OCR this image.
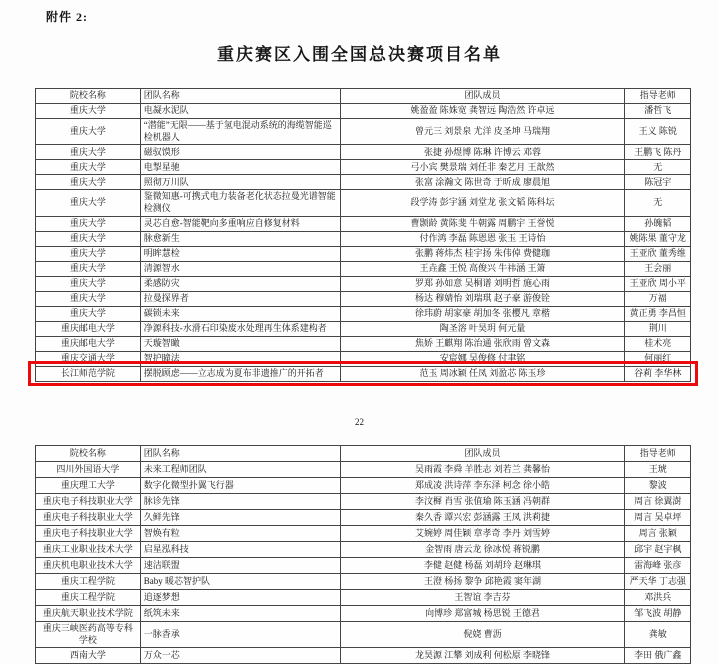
附件 2:
重庆赛区入围全国总决赛项目名单
院校名称	团队名称	团队成员	指导老师
重庆大学	电凝水泥队	姚盈盈 陈姝宽 龚智远 陶浩然 许卓远	潘哲飞
重庆大学	“潜能”无限——基于氢电混动系统的海缆智能巡检机器人	曾元三 刘景泉 尤洋 皮圣坤 马瑞翔	王义 陈锐
重庆大学	磁驭馍形	张捷 孙煜博 陈琳 许博云 邓蓉	王鹏飞 陈丹
重庆大学	电掣星驰	弓小宾 樊景瑞 刘任非 秦艺月 王歆然	无
重庆大学	照彻万川队	张富 涂瀚文 陈世奇 于昕成 廖晨旭	陈冠宇
重庆大学	鉴微知惠-可携式电力装备老化状态拉曼光谱智能检测仪	段学涛 彭宇涵 刘堂龙 张文韬 陈科坛	无
重庆大学	灵芯自愈-智能靶向多重响应自修复材料	曹颢龄 黄陈斐 牛朝露 周鹏宇 王誉悦	孙魄韬
重庆大学	脉愈新生	付作鸿 李磊 陈恩恩 张玉 王诗怡	姚陈果 董守龙
重庆大学	明眸慧检	张鹏 蒋炜杰 桂宇扬 朱伟倬 费健珈	王亚欣 董秀维
重庆大学	清源智水	王垚鑫 王悦 高俊兴 牛祎涵 王箫	王会丽
重庆大学	柔感防灾	罗郑 孙如意 吴桐谱 刘明哲 施心雨	王亚欣 周小平
重庆大学	拉曼探界者	杨达 穆婧怡 刘瑞琪 赵子豪 游俊铨	万福
重庆大学	碳锁未来	徐玮蔚 胡家豪 胡加冬 张樱凡 章楷	黄正勇 李昌恒
重庆邮电大学	净源科技-水滑石印染废水处理再生体系建构者	陶圣溶 叶昊玥 何元量	荆川
重庆邮电大学	天璇智瞰	焦娇 王麒翔 陈治通 张欣雨 曾文森	桂术亮
重庆交通大学	智护瞳法	安宸娜 吴俊修 付聿铭	何丽红
长江师范学院	摆脱顾虑——立志成为夏布非遗推广的开拓者	范玉 周冰颖 任凤 刘盈芯 陈玉珍	谷莉 李华林
22
院校名称	团队名称	团队成员	指导老师
四川外国语大学	未来工程师团队	吴雨霞 李舜 羊胜志 刘若兰 龚馨怡	王琥
重庆理工大学	数字化微型扑翼飞行器	郑成凌 洪诗萍 李东泽 柯念 徐小皓	黎波
重庆电子科技职业大学	脉诊先锋	李汶樨 肖雪 张值瑜 陈玉涵 冯朝群	周言 徐翼澍
重庆电子科技职业大学	久鲜先锋	秦久香 谭兴宏 彭涵露 王凤 洪莉捷	周言 吴卓坪
重庆电子科技职业大学	智焕有粒	艾婉婷 周佳颖 章孝奇 李丹 刘雪婷	周言 张颖
重庆工业职业技术大学	启星泓科技	金智雨 唐云龙 徐冰悦 蒋锐鹏	邱宇 赵宇枫
重庆机电职业技术大学	速洁联盟	李健 赵健 杨磊 刘胡玲 赵琳琪	雷海峰 张彦
重庆工程学院	Baby 暖芯智护队	王澄 杨扬 黎争 邱艳霞 窦年湖	严天华 丁志强
重庆工程学院	追逐梦想	王智谊 李吉芬	邓洪兵
重庆航天职业技术学院	纸筑未来	向博珍 郑富城 杨思锐 王德君	邹飞波 胡静
重庆三峡医药高等专科学校	一脉香承	倪娆 曹沥	龚敏
西南大学	万众一芯	龙昊源 江攀 刘成利 何松原 李晓锋	李田 俄广鑫
